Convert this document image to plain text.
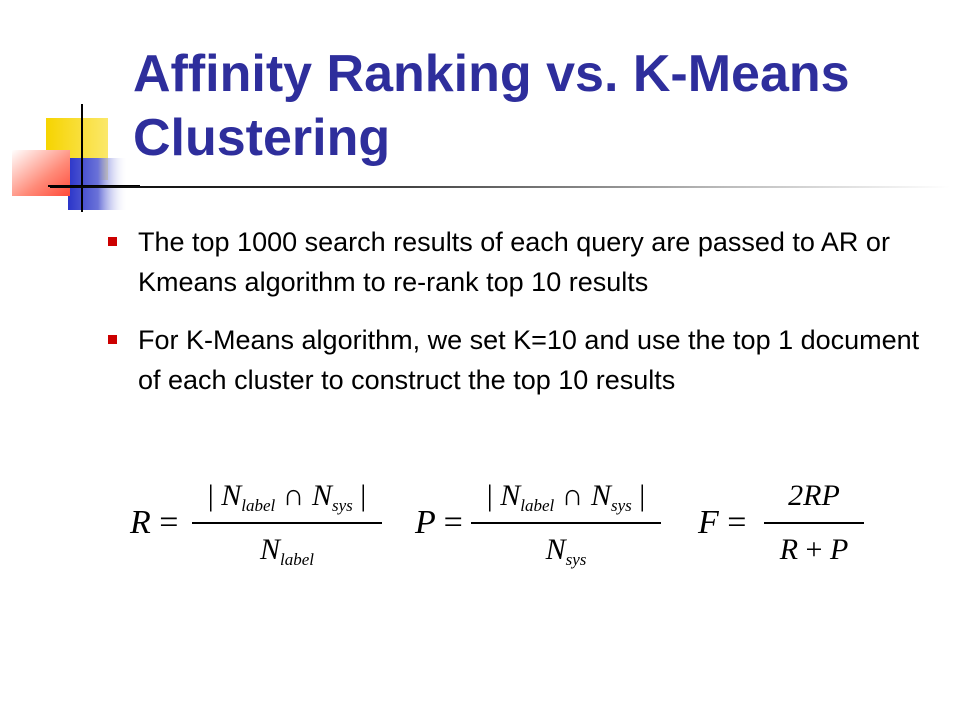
Affinity Ranking vs. K-Means Clustering
The top 1000 search results of each query are passed to AR or Kmeans algorithm to re-rank top 10 results
For K-Means algorithm, we set K=10 and use the top 1 document of each cluster to construct the top 10 results
R =
| $N_{label}$ ∩ $N_{sys}$ |
$N_{label}$
P =
| $N_{label}$ ∩ $N_{sys}$ |
$N_{sys}$
F =
2RP
R + P
